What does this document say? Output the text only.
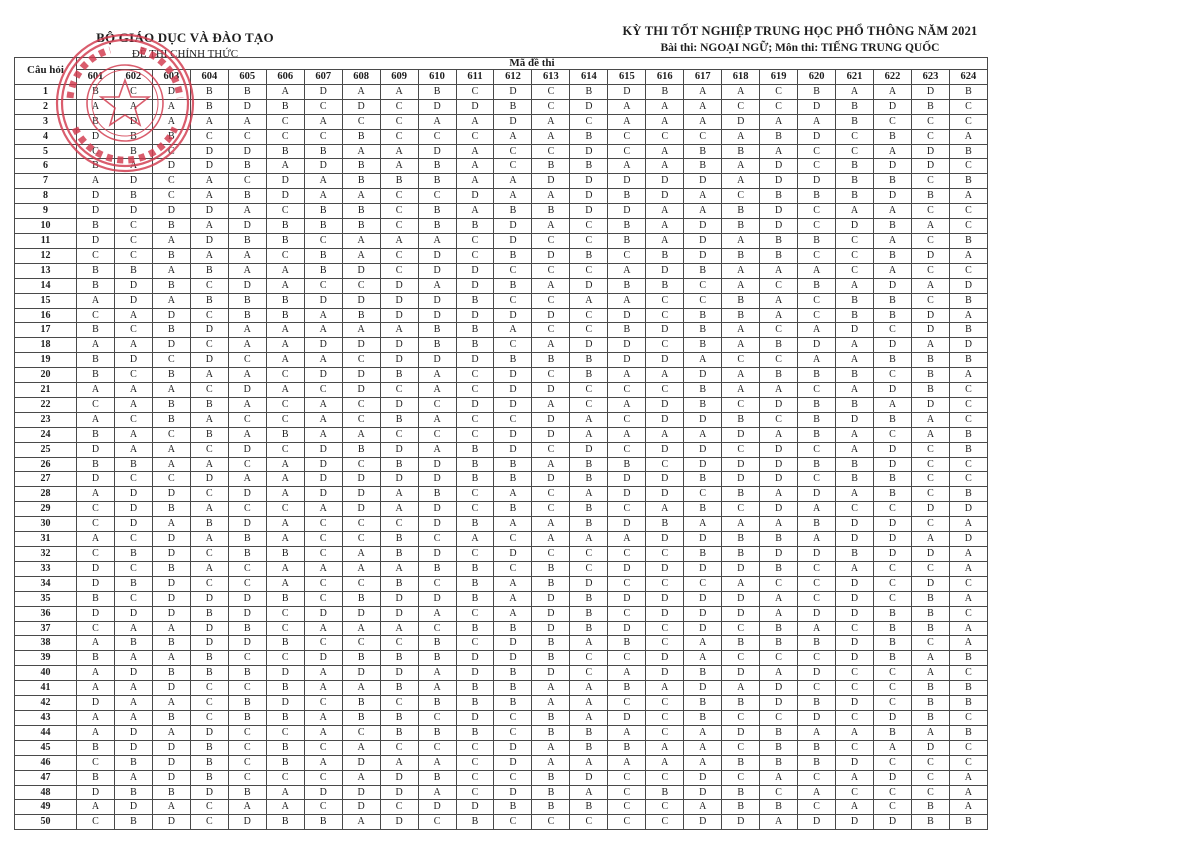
BỘ GIÁO DỤC VÀ ĐÀO TẠO
ĐỀ THI CHÍNH THỨC
KỲ THI TỐT NGHIỆP TRUNG HỌC PHỔ THÔNG NĂM 2021
Bài thi: NGOẠI NGỮ; Môn thi: TIẾNG TRUNG QUỐC
Câu hỏi	Mã đề thi																							
	601	602	603	604	605	606	607	608	609	610	611	612	613	614	615	616	617	618	619	620	621	622	623	624
1	B	C	D	B	B	A	D	A	A	B	C	D	C	B	D	B	A	A	C	B	A	A	D	B
2	A	A	A	B	D	B	C	D	C	D	D	B	C	D	A	A	A	C	C	D	B	D	B	C
3	B	D	A	A	A	C	A	C	C	A	A	D	A	C	A	A	A	D	A	A	B	C	C	C
4	D	B	B	C	C	C	C	B	C	C	C	A	A	B	C	C	C	A	B	D	C	B	C	A
5	C	B	C	D	D	B	B	A	A	D	A	C	C	D	C	A	B	B	A	C	C	A	D	B
6	B	A	D	D	B	A	D	B	A	B	A	C	B	B	A	A	B	A	D	C	B	D	D	C
7	A	D	C	A	C	D	A	B	B	B	A	A	D	D	D	D	D	A	D	D	B	B	C	B
8	D	B	C	A	B	D	A	A	C	C	D	A	A	D	B	D	A	C	B	B	B	D	B	A
9	D	D	D	D	A	C	B	B	C	B	A	B	B	D	D	A	A	B	D	C	A	A	C	C
10	B	C	B	A	D	B	B	B	C	B	B	D	A	C	B	A	D	B	D	C	D	B	A	C
11	D	C	A	D	B	B	C	A	A	A	C	D	C	C	B	A	D	A	B	B	C	A	C	B
12	C	C	B	A	A	C	B	A	C	D	C	B	D	B	C	B	D	B	B	C	C	B	D	A
13	B	B	A	B	A	A	B	D	C	D	D	C	C	C	A	D	B	A	A	A	C	A	C	C
14	B	D	B	C	D	A	C	C	D	A	D	B	A	D	B	B	C	A	C	B	A	D	A	D
15	A	D	A	B	B	B	D	D	D	D	B	C	C	A	A	C	C	B	A	C	B	B	C	B
16	C	A	D	C	B	B	A	B	D	D	D	D	D	C	D	C	B	B	A	C	B	B	D	A
17	B	C	B	D	A	A	A	A	A	B	B	A	C	C	B	D	B	A	C	A	D	C	D	B
18	A	A	D	C	A	A	D	D	D	B	B	C	A	D	D	C	B	A	B	D	A	D	A	D
19	B	D	C	D	C	A	A	C	D	D	D	B	B	B	D	D	A	C	C	A	A	B	B	B
20	B	C	B	A	A	C	D	D	B	A	C	D	C	B	A	A	D	A	B	B	B	C	B	A
21	A	A	A	C	D	A	C	D	C	A	C	D	D	C	C	C	B	A	A	C	A	D	B	C
22	C	A	B	B	A	C	A	C	D	C	D	D	A	C	A	D	B	C	D	B	B	A	D	C
23	A	C	B	A	C	C	A	C	B	A	C	C	D	A	C	D	D	B	C	B	D	B	A	C
24	B	A	C	B	A	B	A	A	C	C	C	D	D	A	A	A	A	D	A	B	A	C	A	B
25	D	A	A	C	D	C	D	B	D	A	B	D	C	D	C	D	D	C	D	C	A	D	C	B
26	B	B	A	A	C	A	D	C	B	D	B	B	A	B	B	C	D	D	D	B	B	D	C	C
27	D	C	C	D	A	A	D	D	D	D	B	B	D	B	D	D	B	D	D	C	B	B	C	C
28	A	D	D	C	D	A	D	D	A	B	C	A	C	A	D	D	C	B	A	D	A	B	C	B
29	C	D	B	A	C	C	A	D	A	D	C	B	C	B	C	A	B	C	D	A	C	C	D	D
30	C	D	A	B	D	A	C	C	C	D	B	A	A	B	D	B	A	A	A	B	D	D	C	A
31	A	C	D	A	B	A	C	C	B	C	A	C	A	A	A	D	D	B	B	A	D	D	A	D
32	C	B	D	C	B	B	C	A	B	D	C	D	C	C	C	C	B	B	D	D	B	D	D	A
33	D	C	B	A	C	A	A	A	A	B	B	C	B	C	D	D	D	D	B	C	A	C	C	A
34	D	B	D	C	C	A	C	C	B	C	B	A	B	D	C	C	C	A	C	C	D	C	D	C
35	B	C	D	D	D	B	C	B	D	D	B	A	D	B	D	D	D	D	A	C	D	C	B	A
36	D	D	D	B	D	C	D	D	D	A	C	A	D	B	C	D	D	D	A	D	D	B	B	C
37	C	A	A	D	B	C	A	A	A	C	B	B	D	B	D	C	D	C	B	A	C	B	B	A
38	A	B	B	D	D	B	C	C	C	B	C	D	B	A	B	C	A	B	B	B	D	B	C	A
39	B	A	A	B	C	C	D	B	B	B	D	D	B	C	C	D	A	C	C	C	D	B	A	B
40	A	D	B	B	B	D	A	D	D	A	D	B	D	C	A	D	B	D	A	D	C	C	A	C
41	A	A	D	C	C	B	A	A	B	A	B	B	A	A	B	A	D	A	D	C	C	C	B	B
42	D	A	A	C	B	D	C	B	C	B	B	B	A	A	C	C	B	B	D	B	D	C	B	B
43	A	A	B	C	B	B	A	B	B	C	D	C	B	A	D	C	B	C	C	D	C	D	B	C
44	A	D	A	D	C	C	A	C	B	B	B	C	B	B	A	C	A	D	B	A	A	B	A	B
45	B	D	D	B	C	B	C	A	C	C	C	D	A	B	B	A	A	C	B	B	C	A	D	C
46	C	B	D	B	C	B	A	D	A	A	C	D	A	A	A	A	A	B	B	B	D	C	C	C
47	B	A	D	B	C	C	C	A	D	B	C	C	B	D	C	C	D	C	A	C	A	D	C	A
48	D	B	B	D	B	A	D	D	D	A	C	D	B	A	C	B	D	B	C	A	C	C	C	A
49	A	D	A	C	A	A	C	D	C	D	D	B	B	B	C	C	A	B	B	C	A	C	B	A
50	C	B	D	C	D	B	B	A	D	C	B	C	C	C	C	C	D	D	A	D	D	D	B	B
